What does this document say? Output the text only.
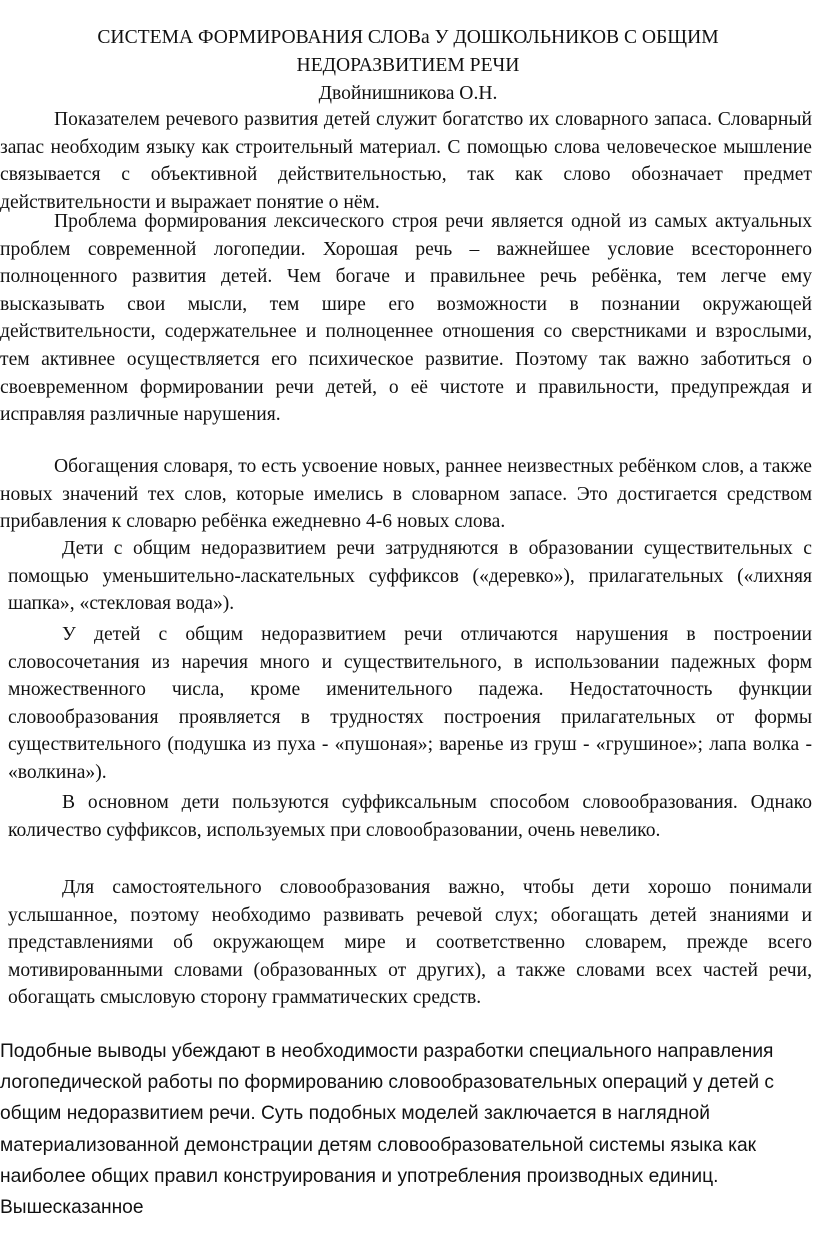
СИСТЕМА ФОРМИРОВАНИЯ СЛОВа У ДОШКОЛЬНИКОВ С ОБЩИМ
НЕДОРАЗВИТИЕМ РЕЧИ

Двойнишникова О.Н.

Показателем речевого развития детей служит богатство их словарного запаса. Словарный запас необходим языку как строительный материал. С помощью слова человеческое мышление связывается с объективной действительностью, так как слово обозначает предмет действительности и выражает понятие о нём.

Проблема формирования лексического строя речи является одной из самых актуальных проблем современной логопедии. Хорошая речь – важнейшее условие всестороннего полноценного развития детей. Чем богаче и правильнее речь ребёнка, тем легче ему высказывать свои мысли, тем шире его возможности в познании окружающей действительности, содержательнее и полноценнее отношения со сверстниками и взрослыми, тем активнее осуществляется его психическое развитие. Поэтому так важно заботиться о своевременном формировании речи детей, о её чистоте и правильности, предупреждая и исправляя различные нарушения.

Обогащения словаря, то есть усвоение новых, раннее неизвестных ребёнком слов, а также новых значений тех слов, которые имелись в словарном запасе. Это достигается средством прибавления к словарю ребёнка ежедневно 4-6 новых слова.

Дети с общим недоразвитием речи затрудняются в образовании существительных с помощью уменьшительно-ласкательных суффиксов («деревко»), прилагательных («лихняя шапка», «стекловая вода»).

У детей с общим недоразвитием речи отличаются нарушения в построении словосочетания из наречия много и существительного, в использовании падежных форм множественного числа, кроме именительного падежа. Недостаточность функции словообразования проявляется в трудностях построения прилагательных от формы существительного (подушка из пуха - «пушоная»; варенье из груш - «грушиное»; лапа волка - «волкина»).

В основном дети пользуются суффиксальным способом словообразования. Однако количество суффиксов, используемых при словообразовании, очень невелико.

Для самостоятельного словообразования важно, чтобы дети хорошо понимали услышанное, поэтому необходимо развивать речевой слух; обогащать детей знаниями и представлениями об окружающем мире и соответственно словарем, прежде всего мотивированными словами (образованных от других), а также словами всех частей речи, обогащать смысловую сторону грамматических средств.

Подобные выводы убеждают в необходимости разработки специального направления логопедической работы по формированию словообразовательных операций у детей с общим недоразвитием речи. Суть подобных моделей заключается в наглядной материализованной демонстрации детям словообразовательной системы языка как наиболее общих правил конструирования и употребления производных единиц. Вышесказанное
